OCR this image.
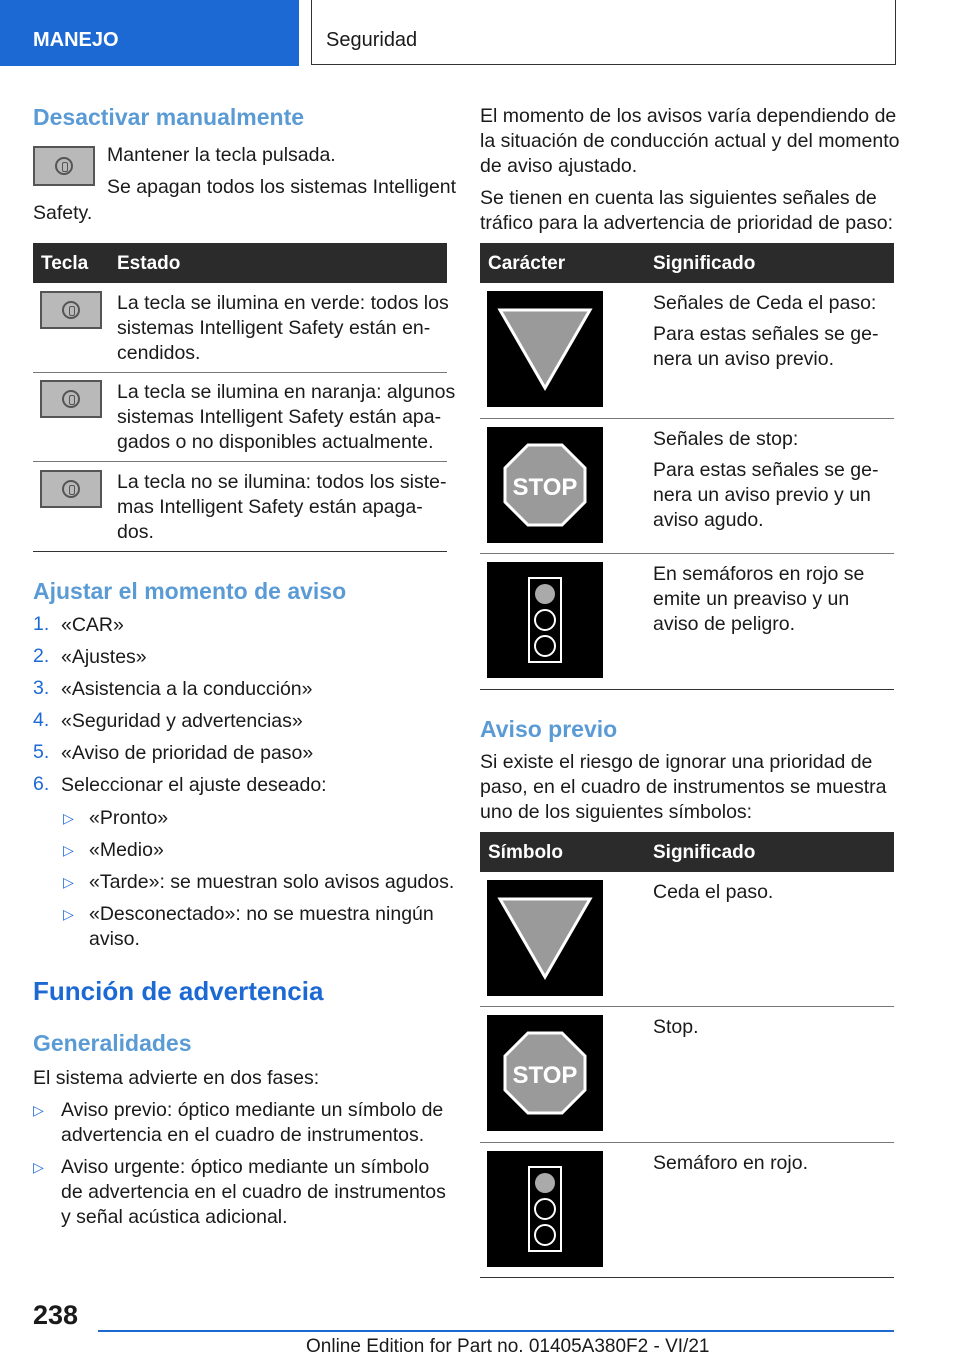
MANEJO	Seguridad
Desactivar manualmente

Mantener la tecla pulsada.

Se apagan todos los sistemas Intelligent

Safety.

Tecla Estado

La tecla se ilumina en verde: todos los

sistemas Intelligent Safety están en-

cendidos.

La tecla se ilumina en naranja: algunos

sistemas Intelligent Safety están apa-

gados o no disponibles actualmente.

La tecla no se ilumina: todos los siste-

mas Intelligent Safety están apaga-

dos.

Ajustar el momento de aviso
1. «CAR»
2. «Ajustes»
3. «Asistencia a la conducción»
4. «Seguridad y advertencias»
5. «Aviso de prioridad de paso»
6. Seleccionar el ajuste deseado:
▷ «Pronto»
▷ «Medio»
▷ «Tarde»: se muestran solo avisos agudos.
▷ «Desconectado»: no se muestra ningún
aviso.
Función de advertencia
Generalidades

El sistema advierte en dos fases:

▷ Aviso previo: óptico mediante un símbolo de
advertencia en el cuadro de instrumentos.
▷ Aviso urgente: óptico mediante un símbolo
de advertencia en el cuadro de instrumentos
y señal acústica adicional.

El momento de los avisos varía dependiendo de

la situación de conducción actual y del momento

de aviso ajustado.

Se tienen en cuenta las siguientes señales de

tráfico para la advertencia de prioridad de paso:

Carácter	Significado

Señales de Ceda el paso:

Para estas señales se ge-

nera un aviso previo.

STOP

Señales de stop:

Para estas señales se ge-

nera un aviso previo y un

aviso agudo.

En semáforos en rojo se

emite un preaviso y un

aviso de peligro.

Aviso previo

Si existe el riesgo de ignorar una prioridad de

paso, en el cuadro de instrumentos se muestra

uno de los siguientes símbolos:

Símbolo	Significado

Ceda el paso.

STOP

Stop.

Semáforo en rojo.

238
Online Edition for Part no. 01405A380F2 - VI/21
